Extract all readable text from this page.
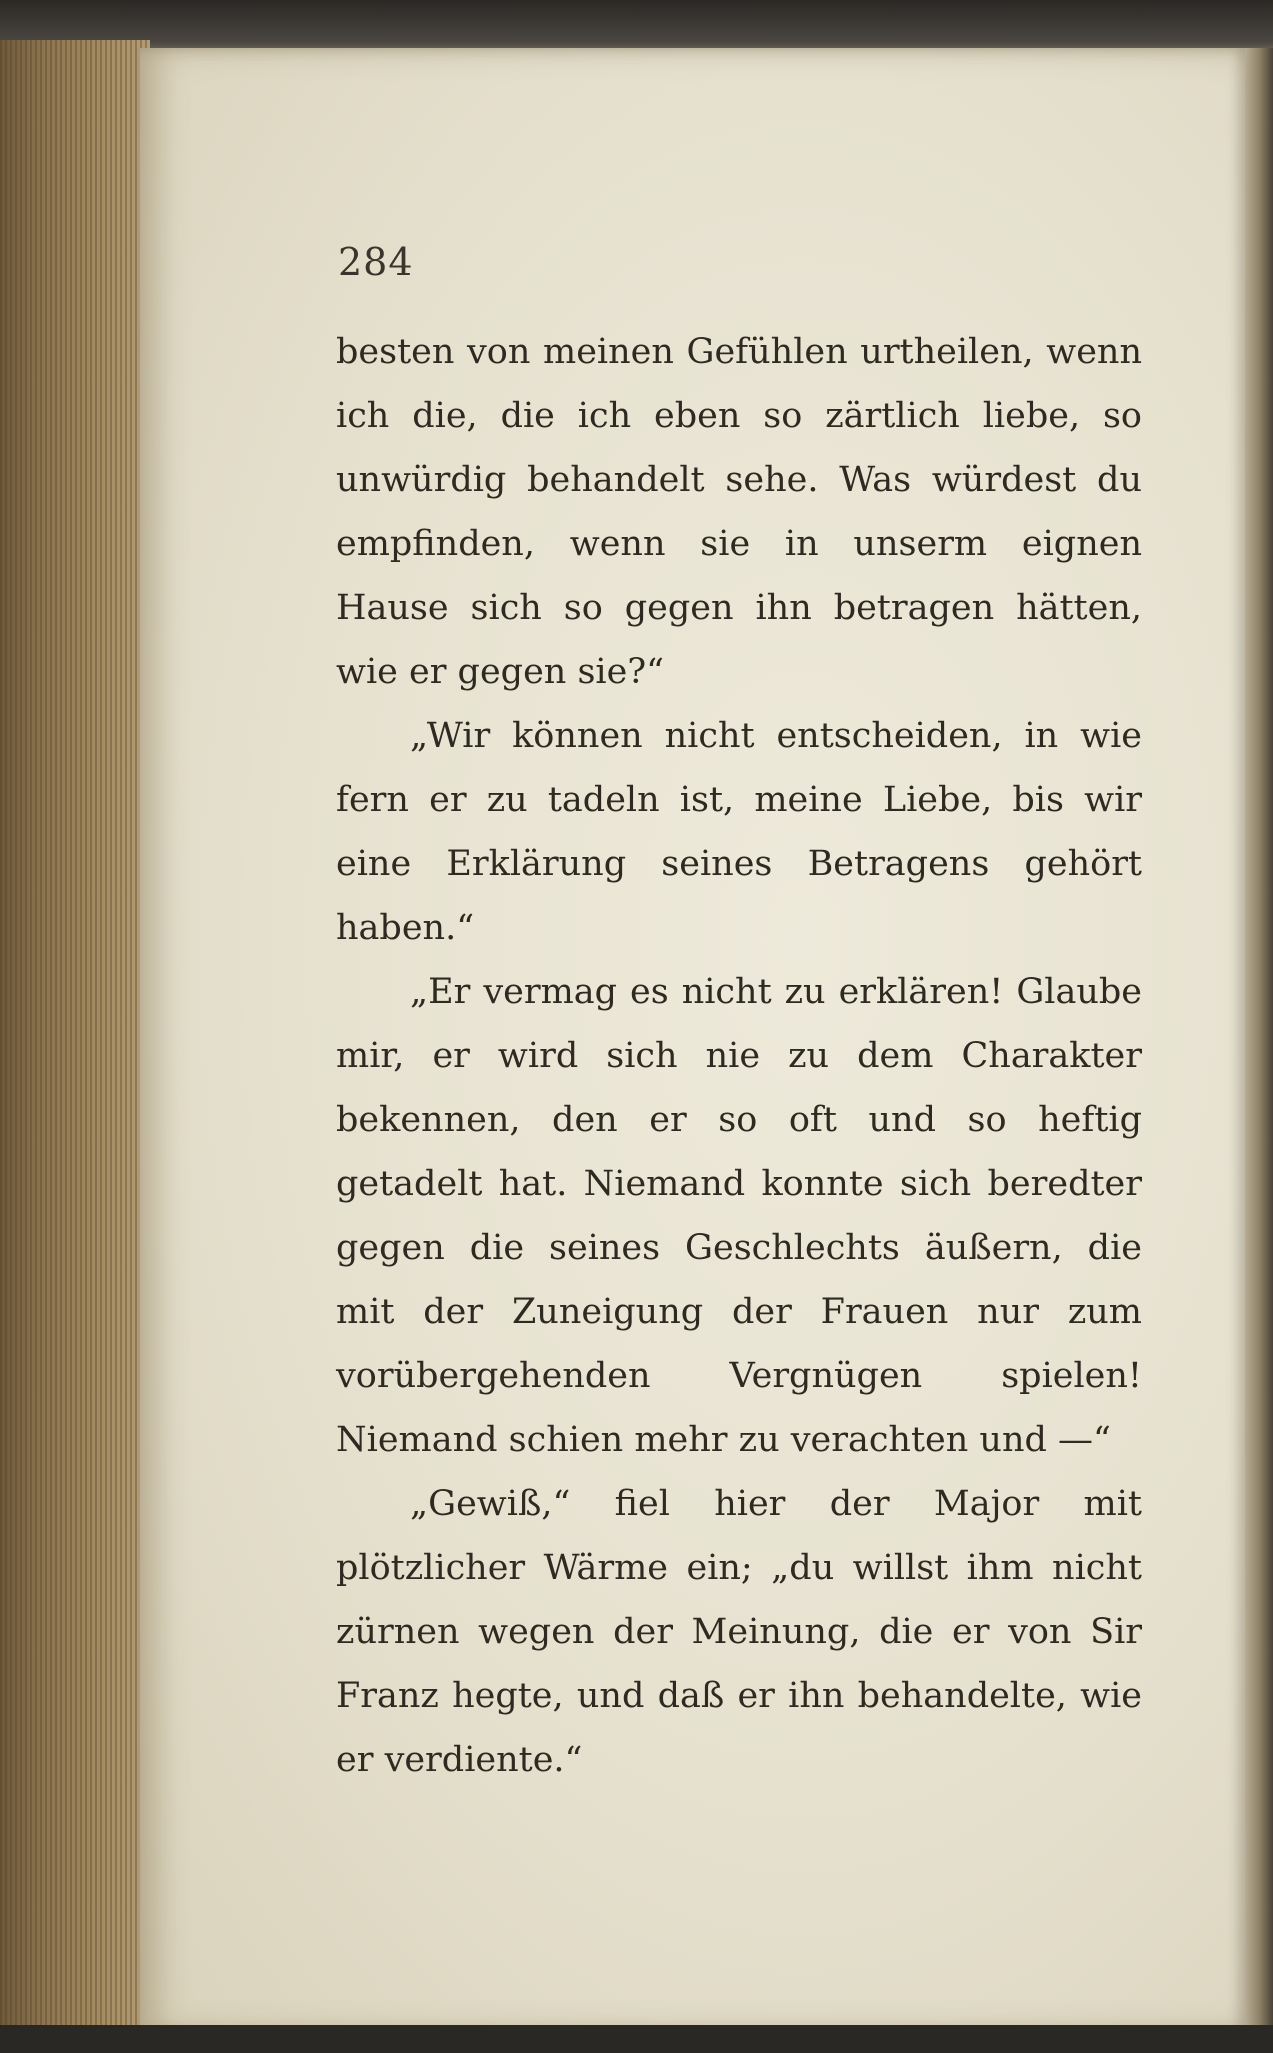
284

besten von meinen Gefühlen urtheilen, wenn ich die, die ich eben so zärtlich liebe, so unwürdig behandelt sehe. Was würdest du empfinden, wenn sie in unserm eignen Hause sich so gegen ihn betragen hätten, wie er gegen sie?“

„Wir können nicht entscheiden, in wie fern er zu tadeln ist, meine Liebe, bis wir eine Erklärung seines Betragens gehört haben.“

„Er vermag es nicht zu erklären! Glaube mir, er wird sich nie zu dem Charakter bekennen, den er so oft und so heftig getadelt hat. Niemand konnte sich beredter gegen die seines Geschlechts äußern, die mit der Zuneigung der Frauen nur zum vorübergehenden Vergnügen spielen! Niemand schien mehr zu verachten und —“

„Gewiß,“ fiel hier der Major mit plötzlicher Wärme ein; „du willst ihm nicht zürnen wegen der Meinung, die er von Sir Franz hegte, und daß er ihn behandelte, wie er verdiente.“
